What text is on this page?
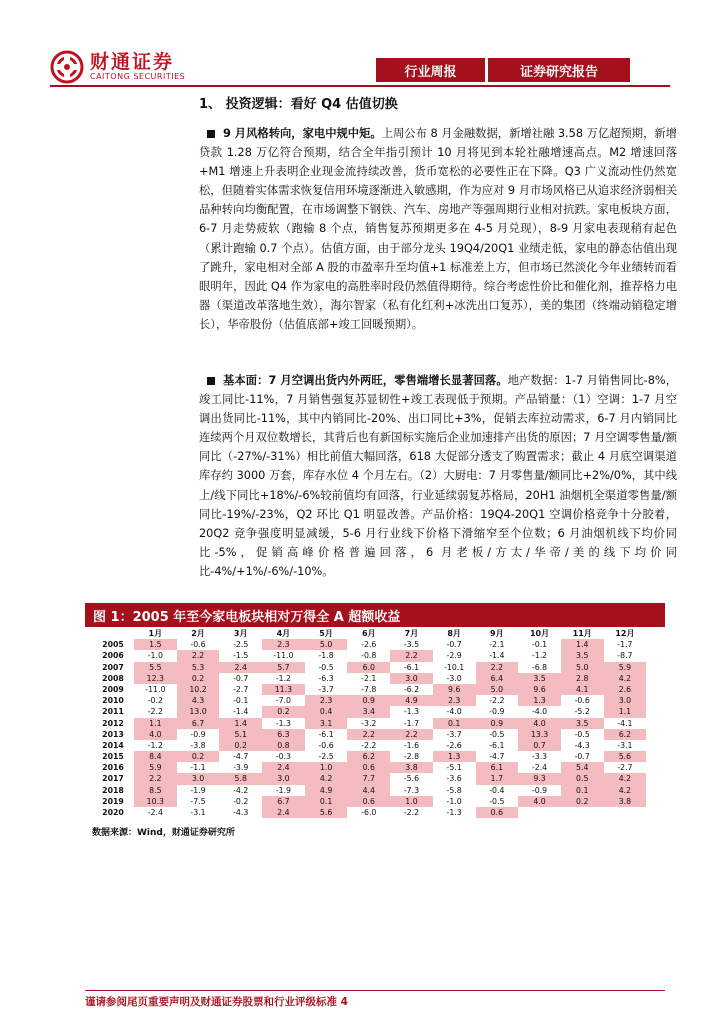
财通证券
CAITONG SECURITIES	行业周报	证券研究报告
1、 投资逻辑：看好 Q4 估值切换
9 月风格转向，家电中规中矩。上周公布 8 月金融数据，新增社融 3.58 万亿超预期，新增贷款 1.28 万亿符合预期，结合全年指引预计 10 月将见到本轮社融增速高点。M2 增速回落+M1 增速上升表明企业现金流持续改善，货币宽松的必要性正在下降。Q3 广义流动性仍然宽松，但随着实体需求恢复信用环境逐渐进入敏感期，作为应对 9 月市场风格已从追求经济弱相关品种转向均衡配置，在市场调整下钢铁、汽车、房地产等强周期行业相对抗跌。家电板块方面，6-7 月走势疲软（跑输 8 个点，销售复苏预期更多在 4-5 月兑现），8-9 月家电表现稍有起色（累计跑输 0.7 个点）。估值方面，由于部分龙头 19Q4/20Q1 业绩走低，家电的静态估值出现了跳升，家电相对全部 A 股的市盈率升至均值+1 标准差上方，但市场已然淡化今年业绩转而看眼明年，因此 Q4 作为家电的高胜率时段仍然值得期待。综合考虑性价比和催化剂，推荐格力电器（渠道改革落地生效），海尔智家（私有化红利+冰洗出口复苏），美的集团（终端动销稳定增长），华帝股份（估值底部+竣工回暖预期）。
基本面：7 月空调出货内外两旺，零售端增长显著回落。地产数据：1-7 月销售同比-8%，竣工同比-11%，7 月销售强复苏显韧性+竣工表现低于预期。产品销量：（1）空调：1-7 月空调出货同比-11%，其中内销同比-20%、出口同比+3%，促销去库拉动需求，6-7 月内销同比连续两个月双位数增长，其背后也有新国标实施后企业加速排产出货的原因；7 月空调零售量/额同比（-27%/-31%）相比前值大幅回落，618 大促部分透支了购置需求；截止 4 月底空调渠道库存约 3000 万套，库存水位 4 个月左右。（2）大厨电：7 月零售量/额同比+2%/0%，其中线上/线下同比+18%/-6%较前值均有回落，行业延续弱复苏格局，20H1 油烟机全渠道零售量/额同比-19%/-23%，Q2 环比 Q1 明显改善。产品价格：19Q4-20Q1 空调价格竞争十分胶着，20Q2 竞争强度明显减缓，5-6 月行业线下价格下滑缩窄至个位数；6 月油烟机线下均价同比-5%，促销高峰价格普遍回落，6 月老板/方太/华帝/美的线下均价同比-4%/+1%/-6%/-10%。
图 1：2005 年至今家电板块相对万得全 A 超额收益
1月	2月	3月	4月	5月	6月	7月	8月	9月	10月	11月	12月
2005	1.5	-0.6	-2.5	2.3	5.0	-2.6	-3.5	-0.7	-2.1	-0.1	1.4	-1.7
2006	-1.0	2.2	-1.5	-11.0	-1.8	-0.8	2.2	-2.9	-1.4	-1.2	3.5	-8.7
2007	5.5	5.3	2.4	5.7	-0.5	6.0	-6.1	-10.1	2.2	-6.8	5.0	5.9
2008	12.3	0.2	-0.7	-1.2	-6.3	-2.1	3.0	-3.0	6.4	3.5	2.8	4.2
2009	-11.0	10.2	-2.7	11.3	-3.7	-7.8	-6.2	9.6	5.0	9.6	4.1	2.6
2010	-0.2	4.3	-0.1	-7.0	2.3	0.9	4.9	2.3	-2.2	1.3	-0.6	3.0
2011	-2.2	13.0	-1.4	0.2	0.4	3.4	-1.3	-4.0	-0.9	-4.0	-5.2	1.1
2012	1.1	6.7	1.4	-1.3	3.1	-3.2	-1.7	0.1	0.9	4.0	3.5	-4.1
2013	4.0	-0.9	5.1	6.3	-6.1	2.2	2.2	-3.7	-0.5	13.3	-0.5	6.2
2014	-1.2	-3.8	0.2	0.8	-0.6	-2.2	-1.6	-2.6	-6.1	0.7	-4.3	-3.1
2015	8.4	0.2	-4.7	-0.3	-2.5	6.2	-2.8	1.3	-4.7	-3.3	-0.7	5.6
2016	5.9	-1.1	-3.9	2.4	1.0	0.6	3.8	-5.1	6.1	-2.4	5.4	-2.7
2017	2.2	3.0	5.8	3.0	4.2	7.7	-5.6	-3.6	1.7	9.3	0.5	4.2
2018	8.5	-1.9	-4.2	-1.9	4.9	4.4	-7.3	-5.8	-0.4	-0.9	0.1	4.2
2019	10.3	-7.5	-0.2	6.7	0.1	0.6	1.0	-1.0	-0.5	4.0	0.2	3.8
2020	-2.4	-3.1	-4.3	2.4	5.6	-6.0	-2.2	-1.3	0.6
数据来源：Wind，财通证券研究所
谨请参阅尾页重要声明及财通证券股票和行业评级标准 4
